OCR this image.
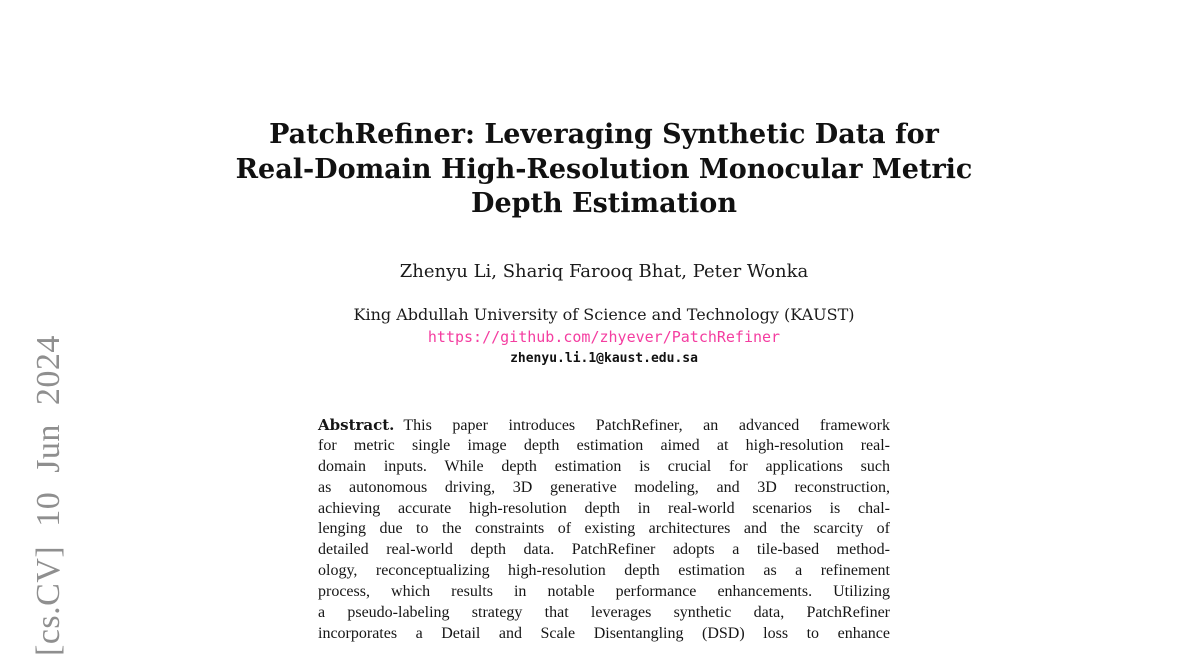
[cs.CV] 10 Jun 2024
PatchRefiner: Leveraging Synthetic Data for
Real-Domain High-Resolution Monocular Metric
Depth Estimation
Zhenyu Li, Shariq Farooq Bhat, Peter Wonka
King Abdullah University of Science and Technology (KAUST)
https://github.com/zhyever/PatchRefiner
zhenyu.li.1@kaust.edu.sa
Abstract. This paper introduces PatchRefiner, an advanced framework
for metric single image depth estimation aimed at high-resolution real-
domain inputs. While depth estimation is crucial for applications such
as autonomous driving, 3D generative modeling, and 3D reconstruction,
achieving accurate high-resolution depth in real-world scenarios is chal-
lenging due to the constraints of existing architectures and the scarcity of
detailed real-world depth data. PatchRefiner adopts a tile-based method-
ology, reconceptualizing high-resolution depth estimation as a refinement
process, which results in notable performance enhancements. Utilizing
a pseudo-labeling strategy that leverages synthetic data, PatchRefiner
incorporates a Detail and Scale Disentangling (DSD) loss to enhance
